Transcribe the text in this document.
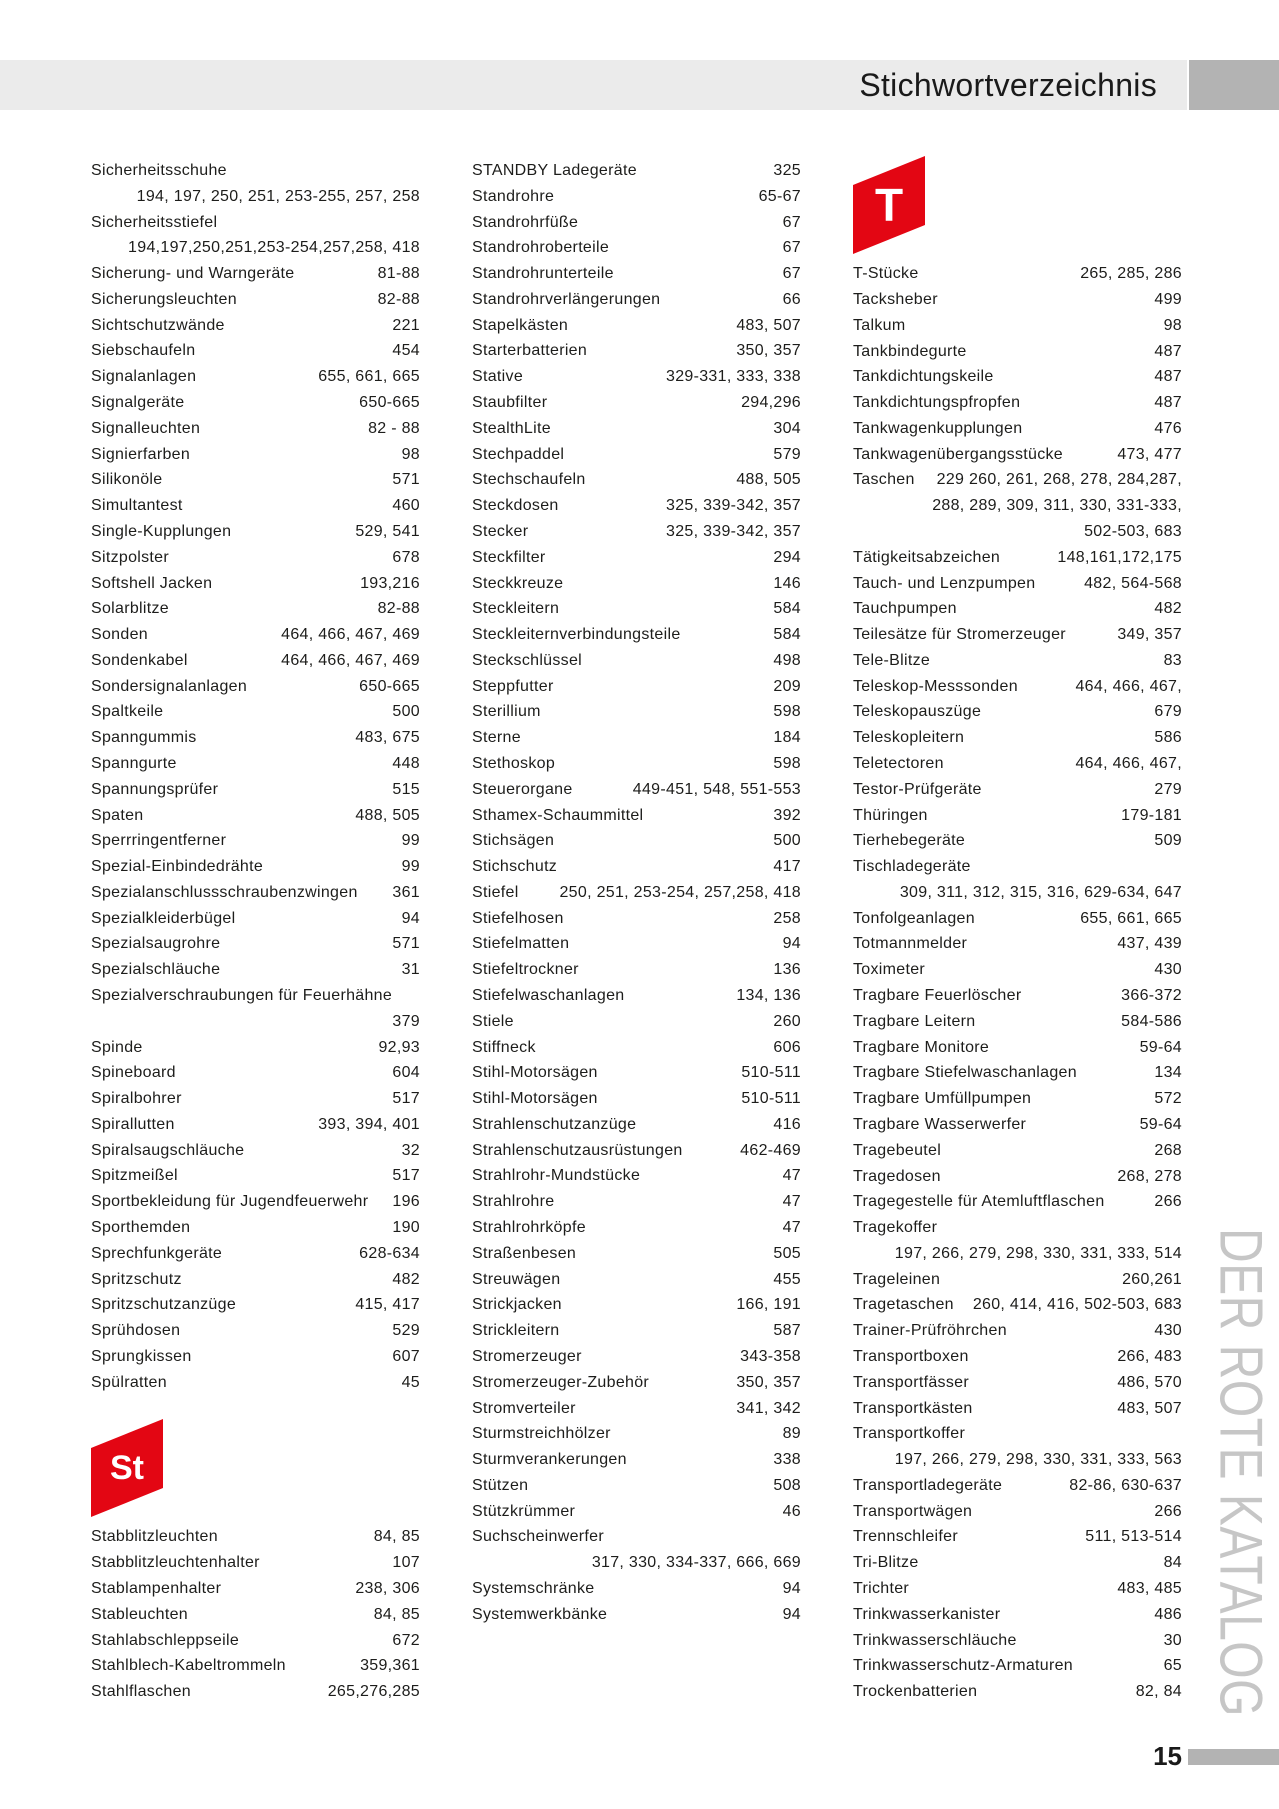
Stichwortverzeichnis
Sicherheitsschuhe
194, 197, 250, 251, 253-255, 257, 258
Sicherheitsstiefel
194,197,250,251,253-254,257,258, 418
Sicherung- und Warngeräte	81-88
Sicherungsleuchten	82-88
Sichtschutzwände	221
Siebschaufeln	454
Signalanlagen	655, 661, 665
Signalgeräte	650-665
Signalleuchten	82 - 88
Signierfarben	98
Silikonöle	571
Simultantest	460
Single-Kupplungen	529, 541
Sitzpolster	678
Softshell Jacken	193,216
Solarblitze	82-88
Sonden	464, 466, 467, 469
Sondenkabel	464, 466, 467, 469
Sondersignalanlagen	650-665
Spaltkeile	500
Spanngummis	483, 675
Spanngurte	448
Spannungsprüfer	515
Spaten	488, 505
Sperrringentferner	99
Spezial-Einbindedrähte	99
Spezialanschlussschraubenzwingen 361
Spezialkleiderbügel	94
Spezialsaugrohre	571
Spezialschläuche	31
Spezialverschraubungen für Feuerhähne
379
Spinde	92,93
Spineboard	604
Spiralbohrer	517
Spirallutten	393, 394, 401
Spiralsaugschläuche	32
Spitzmeißel	517
Sportbekleidung für Jugendfeuerwehr 196
Sporthemden	190
Sprechfunkgeräte	628-634
Spritzschutz	482
Spritzschutzanzüge	415, 417
Sprühdosen	529
Sprungkissen	607
Spülratten	45
St
Stabblitzleuchten	84, 85
Stabblitzleuchtenhalter	107
Stablampenhalter	238, 306
Stableuchten	84, 85
Stahlabschleppseile	672
Stahlblech-Kabeltrommeln	359,361
Stahlflaschen	265,276,285
STANDBY Ladegeräte	325
Standrohre	65-67
Standrohrfüße	67
Standrohroberteile	67
Standrohrunterteile	67
Standrohrverlängerungen	66
Stapelkästen	483, 507
Starterbatterien	350, 357
Stative	329-331, 333, 338
Staubfilter	294,296
StealthLite	304
Stechpaddel	579
Stechschaufeln	488, 505
Steckdosen	325, 339-342, 357
Stecker	325, 339-342, 357
Steckfilter	294
Steckkreuze	146
Steckleitern	584
Steckleiternverbindungsteile	584
Steckschlüssel	498
Steppfutter	209
Sterillium	598
Sterne	184
Stethoskop	598
Steuerorgane	449-451, 548, 551-553
Sthamex-Schaummittel	392
Stichsägen	500
Stichschutz	417
Stiefel	250, 251, 253-254, 257,258, 418
Stiefelhosen	258
Stiefelmatten	94
Stiefeltrockner	136
Stiefelwaschanlagen	134, 136
Stiele	260
Stiffneck	606
Stihl-Motorsägen	510-511
Stihl-Motorsägen	510-511
Strahlenschutzanzüge	416
Strahlenschutzausrüstungen	462-469
Strahlrohr-Mundstücke	47
Strahlrohre	47
Strahlrohrköpfe	47
Straßenbesen	505
Streuwägen	455
Strickjacken	166, 191
Strickleitern	587
Stromerzeuger	343-358
Stromerzeuger-Zubehör	350, 357
Stromverteiler	341, 342
Sturmstreichhölzer	89
Sturmverankerungen	338
Stützen	508
Stützkrümmer	46
Suchscheinwerfer
317, 330, 334-337, 666, 669
Systemschränke	94
Systemwerkbänke	94
T
T-Stücke	265, 285, 286
Tacksheber	499
Talkum	98
Tankbindegurte	487
Tankdichtungskeile	487
Tankdichtungspfropfen	487
Tankwagenkupplungen	476
Tankwagenübergangsstücke	473, 477
Taschen 229 260, 261, 268, 278, 284,287,
288, 289, 309, 311, 330, 331-333,
502-503, 683
Tätigkeitsabzeichen	148,161,172,175
Tauch- und Lenzpumpen	482, 564-568
Tauchpumpen	482
Teilesätze für Stromerzeuger	349, 357
Tele-Blitze	83
Teleskop-Messsonden	464, 466, 467,
Teleskopauszüge	679
Teleskopleitern	586
Teletectoren	464, 466, 467,
Testor-Prüfgeräte	279
Thüringen	179-181
Tierhebegeräte	509
Tischladegeräte
309, 311, 312, 315, 316, 629-634, 647
Tonfolgeanlagen	655, 661, 665
Totmannmelder	437, 439
Toximeter	430
Tragbare Feuerlöscher	366-372
Tragbare Leitern	584-586
Tragbare Monitore	59-64
Tragbare Stiefelwaschanlagen	134
Tragbare Umfüllpumpen	572
Tragbare Wasserwerfer	59-64
Tragebeutel	268
Tragedosen	268, 278
Tragegestelle für Atemluftflaschen	266
Tragekoffer
197, 266, 279, 298, 330, 331, 333, 514
Trageleinen	260,261
Tragetaschen 260, 414, 416, 502-503, 683
Trainer-Prüfröhrchen	430
Transportboxen	266, 483
Transportfässer	486, 570
Transportkästen	483, 507
Transportkoffer
197, 266, 279, 298, 330, 331, 333, 563
Transportladegeräte	82-86, 630-637
Transportwägen	266
Trennschleifer	511, 513-514
Tri-Blitze	84
Trichter	483, 485
Trinkwasserkanister	486
Trinkwasserschläuche	30
Trinkwasserschutz-Armaturen	65
Trockenbatterien	82, 84 DER ROTE KATALOG
15
